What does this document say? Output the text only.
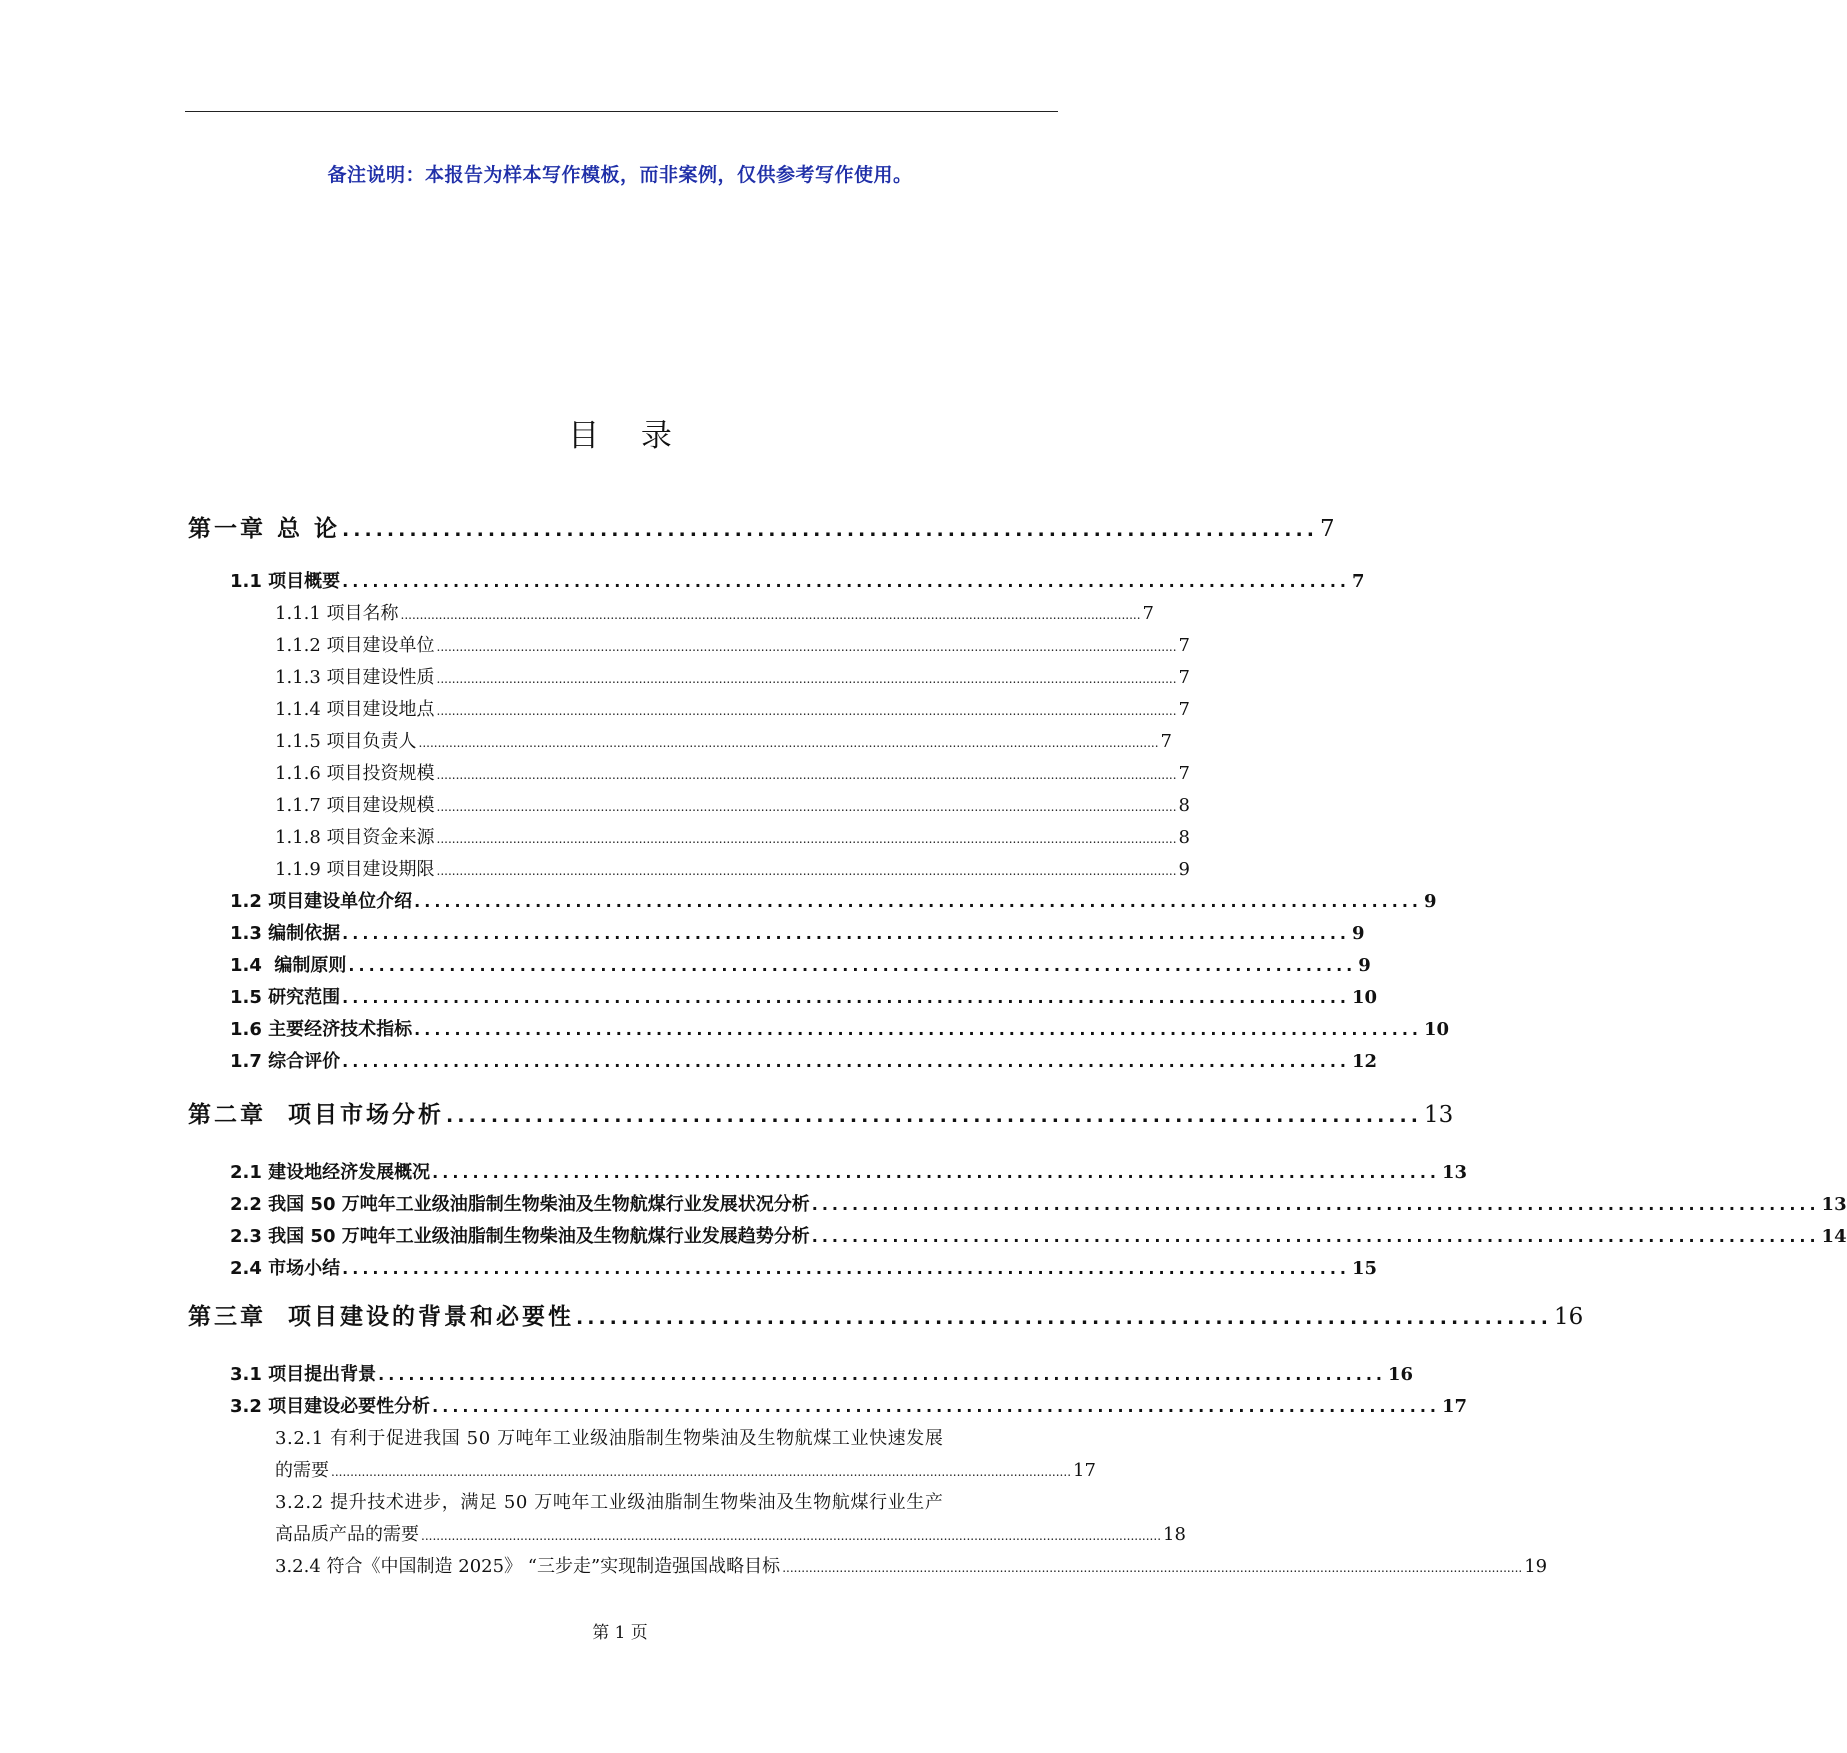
备注说明：本报告为样本写作模板，而非案例，仅供参考写作使用。
目 录
第一章 总 论 ....................................................................................... 7
1.1 项目概要 .................................................................................................... 7
1.1.1 项目名称 .................................................................................................................................................................................................. 7
1.1.2 项目建设单位 .................................................................................................................................................................................................. 7
1.1.3 项目建设性质 .................................................................................................................................................................................................. 7
1.1.4 项目建设地点 .................................................................................................................................................................................................. 7
1.1.5 项目负责人 .................................................................................................................................................................................................. 7
1.1.6 项目投资规模 .................................................................................................................................................................................................. 7
1.1.7 项目建设规模 .................................................................................................................................................................................................. 8
1.1.8 项目资金来源 .................................................................................................................................................................................................. 8
1.1.9 项目建设期限 .................................................................................................................................................................................................. 9
1.2 项目建设单位介绍 .................................................................................................... 9
1.3 编制依据 .................................................................................................... 9
1.4  编制原则 .................................................................................................... 9
1.5 研究范围 .................................................................................................... 10
1.6 主要经济技术指标 .................................................................................................... 10
1.7 综合评价 .................................................................................................... 12
第二章  项目市场分析 ....................................................................................... 13
2.1 建设地经济发展概况 .................................................................................................... 13
2.2 我国 50 万吨年工业级油脂制生物柴油及生物航煤行业发展状况分析 .................................................................................................... 13
2.3 我国 50 万吨年工业级油脂制生物柴油及生物航煤行业发展趋势分析 .................................................................................................... 14
2.4 市场小结 .................................................................................................... 15
第三章  项目建设的背景和必要性 ....................................................................................... 16
3.1 项目提出背景 .................................................................................................... 16
3.2 项目建设必要性分析 .................................................................................................... 17
3.2.1 有利于促进我国 50 万吨年工业级油脂制生物柴油及生物航煤工业快速发展
的需要 .................................................................................................................................................................................................. 17
3.2.2 提升技术进步，满足 50 万吨年工业级油脂制生物柴油及生物航煤行业生产
高品质产品的需要 .................................................................................................................................................................................................. 18
3.2.4 符合《中国制造 2025》 “三步走”实现制造强国战略目标 .................................................................................................................................................................................................. 19
第 1 页
